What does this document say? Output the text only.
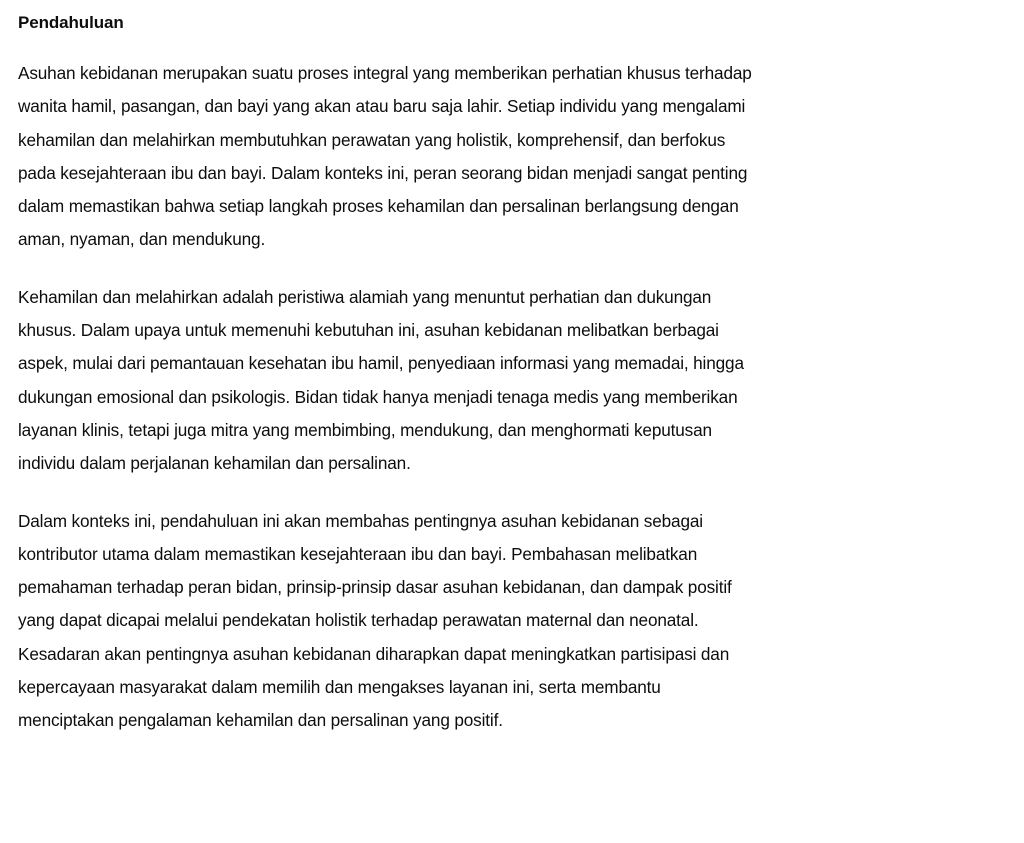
Pendahuluan

Asuhan kebidanan merupakan suatu proses integral yang memberikan perhatian khusus terhadap wanita hamil, pasangan, dan bayi yang akan atau baru saja lahir. Setiap individu yang mengalami kehamilan dan melahirkan membutuhkan perawatan yang holistik, komprehensif, dan berfokus pada kesejahteraan ibu dan bayi. Dalam konteks ini, peran seorang bidan menjadi sangat penting dalam memastikan bahwa setiap langkah proses kehamilan dan persalinan berlangsung dengan aman, nyaman, dan mendukung.

Kehamilan dan melahirkan adalah peristiwa alamiah yang menuntut perhatian dan dukungan khusus. Dalam upaya untuk memenuhi kebutuhan ini, asuhan kebidanan melibatkan berbagai aspek, mulai dari pemantauan kesehatan ibu hamil, penyediaan informasi yang memadai, hingga dukungan emosional dan psikologis. Bidan tidak hanya menjadi tenaga medis yang memberikan layanan klinis, tetapi juga mitra yang membimbing, mendukung, dan menghormati keputusan individu dalam perjalanan kehamilan dan persalinan.

Dalam konteks ini, pendahuluan ini akan membahas pentingnya asuhan kebidanan sebagai kontributor utama dalam memastikan kesejahteraan ibu dan bayi. Pembahasan melibatkan pemahaman terhadap peran bidan, prinsip-prinsip dasar asuhan kebidanan, dan dampak positif yang dapat dicapai melalui pendekatan holistik terhadap perawatan maternal dan neonatal. Kesadaran akan pentingnya asuhan kebidanan diharapkan dapat meningkatkan partisipasi dan kepercayaan masyarakat dalam memilih dan mengakses layanan ini, serta membantu menciptakan pengalaman kehamilan dan persalinan yang positif.
